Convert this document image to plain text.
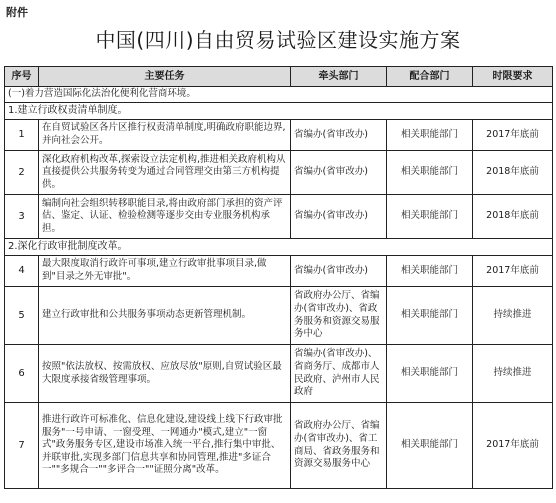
附件
中国(四川)自由贸易试验区建设实施方案
序号	主要任务	牵头部门	配合部门	时限要求
(一)着力营造国际化法治化便利化营商环境。				
1.建立行政权责清单制度。				
1	在自贸试验区各片区推行权责清单制度,明确政府职能边界,并向社会公开。	省编办(省审改办)	相关职能部门	2017年底前
2	深化政府机构改革,探索设立法定机构,推进相关政府机构从直接提供公共服务转变为通过合同管理交由第三方机构提供。	省编办(省审改办)	相关职能部门	2018年底前
3	编制向社会组织转移职能目录,将由政府部门承担的资产评估、鉴定、认证、检验检测等逐步交由专业服务机构承担。	省编办(省审改办)	相关职能部门	2018年底前
2.深化行政审批制度改革。				
4	最大限度取消行政许可事项,建立行政审批事项目录,做到"目录之外无审批"。	省编办(省审改办)	相关职能部门	2017年底前
5	建立行政审批和公共服务事项动态更新管理机制。	省政府办公厅、省编办(省审改办)、省政务服务和资源交易服务中心	相关职能部门	持续推进
6	按照"依法放权、按需放权、应放尽放"原则,自贸试验区最大限度承接省级管理事项。	省编办(省审改办)、省商务厅、成都市人民政府、泸州市人民政府	相关职能部门	持续推进
7	推进行政许可标准化、信息化建设,建设线上线下行政审批服务"一号申请、一窗受理、一网通办"模式,建立"一窗式"政务服务专区,建设市场准入统一平台,推行集中审批、并联审批,实现多部门信息共享和协同管理,推进"多证合一""多规合一""多评合一""证照分离"改革。	省政府办公厅、省编办(省审改办)、省工商局、省政务服务和资源交易服务中心	相关职能部门	2017年底前
